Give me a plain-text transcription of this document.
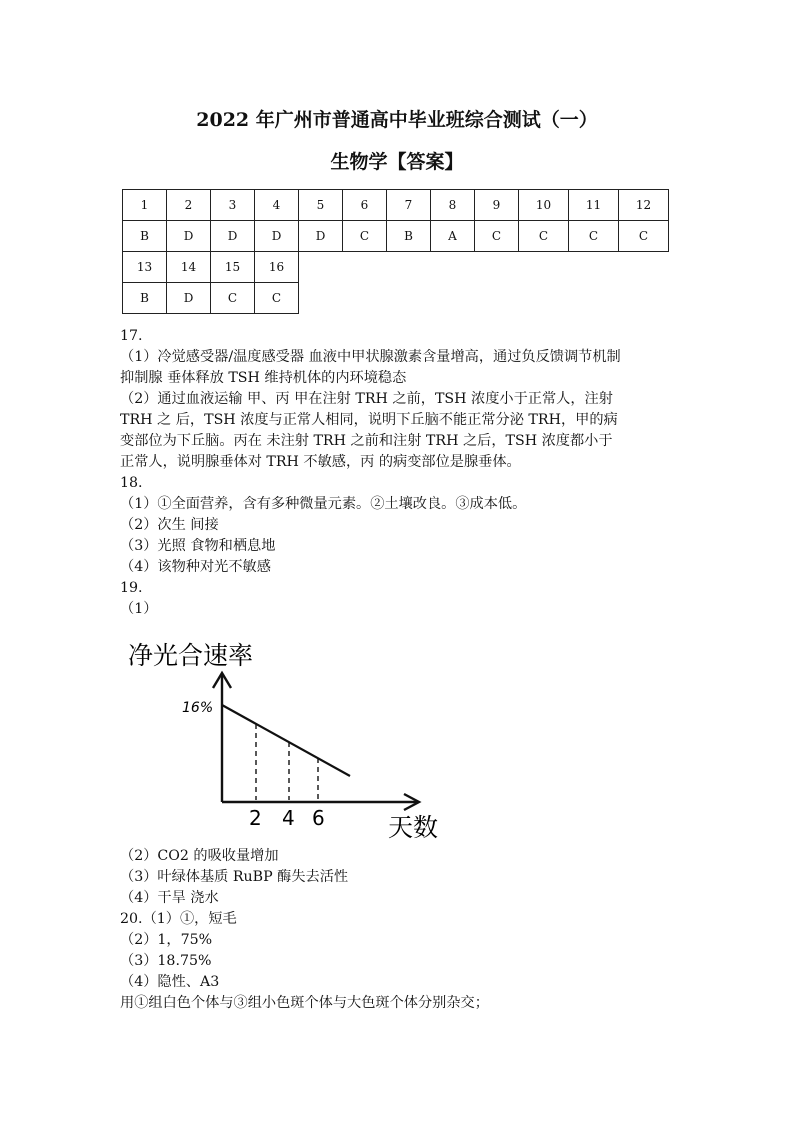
2022 年广州市普通高中毕业班综合测试（一）
生物学【答案】
1	2	3	4	5	6	7	8	9	10	11	12
B	D	D	D	D	C	B	A	C	C	C	C
13	14	15	16								
B	D	C	C								
17.
（1）冷觉感受器/温度感受器 血液中甲状腺激素含量增高，通过负反馈调节机制
抑制腺 垂体释放 TSH 维持机体的内环境稳态
（2）通过血液运输 甲、丙 甲在注射 TRH 之前，TSH 浓度小于正常人，注射
TRH 之 后，TSH 浓度与正常人相同，说明下丘脑不能正常分泌 TRH，甲的病
变部位为下丘脑。丙在 未注射 TRH 之前和注射 TRH 之后，TSH 浓度都小于
正常人，说明腺垂体对 TRH 不敏感，丙 的病变部位是腺垂体。
18.
（1）①全面营养，含有多种微量元素。②土壤改良。③成本低。
（2）次生 间接
（3）光照 食物和栖息地
（4）该物种对光不敏感
19.
（1）
净光合速率
16%
2 4 6	天数
（2）CO2 的吸收量增加
（3）叶绿体基质 RuBP 酶失去活性
（4）干旱 浇水
20.（1）①，短毛
（2）1，75%
（3）18.75%
（4）隐性、A3
用①组白色个体与③组小色斑个体与大色斑个体分别杂交；
